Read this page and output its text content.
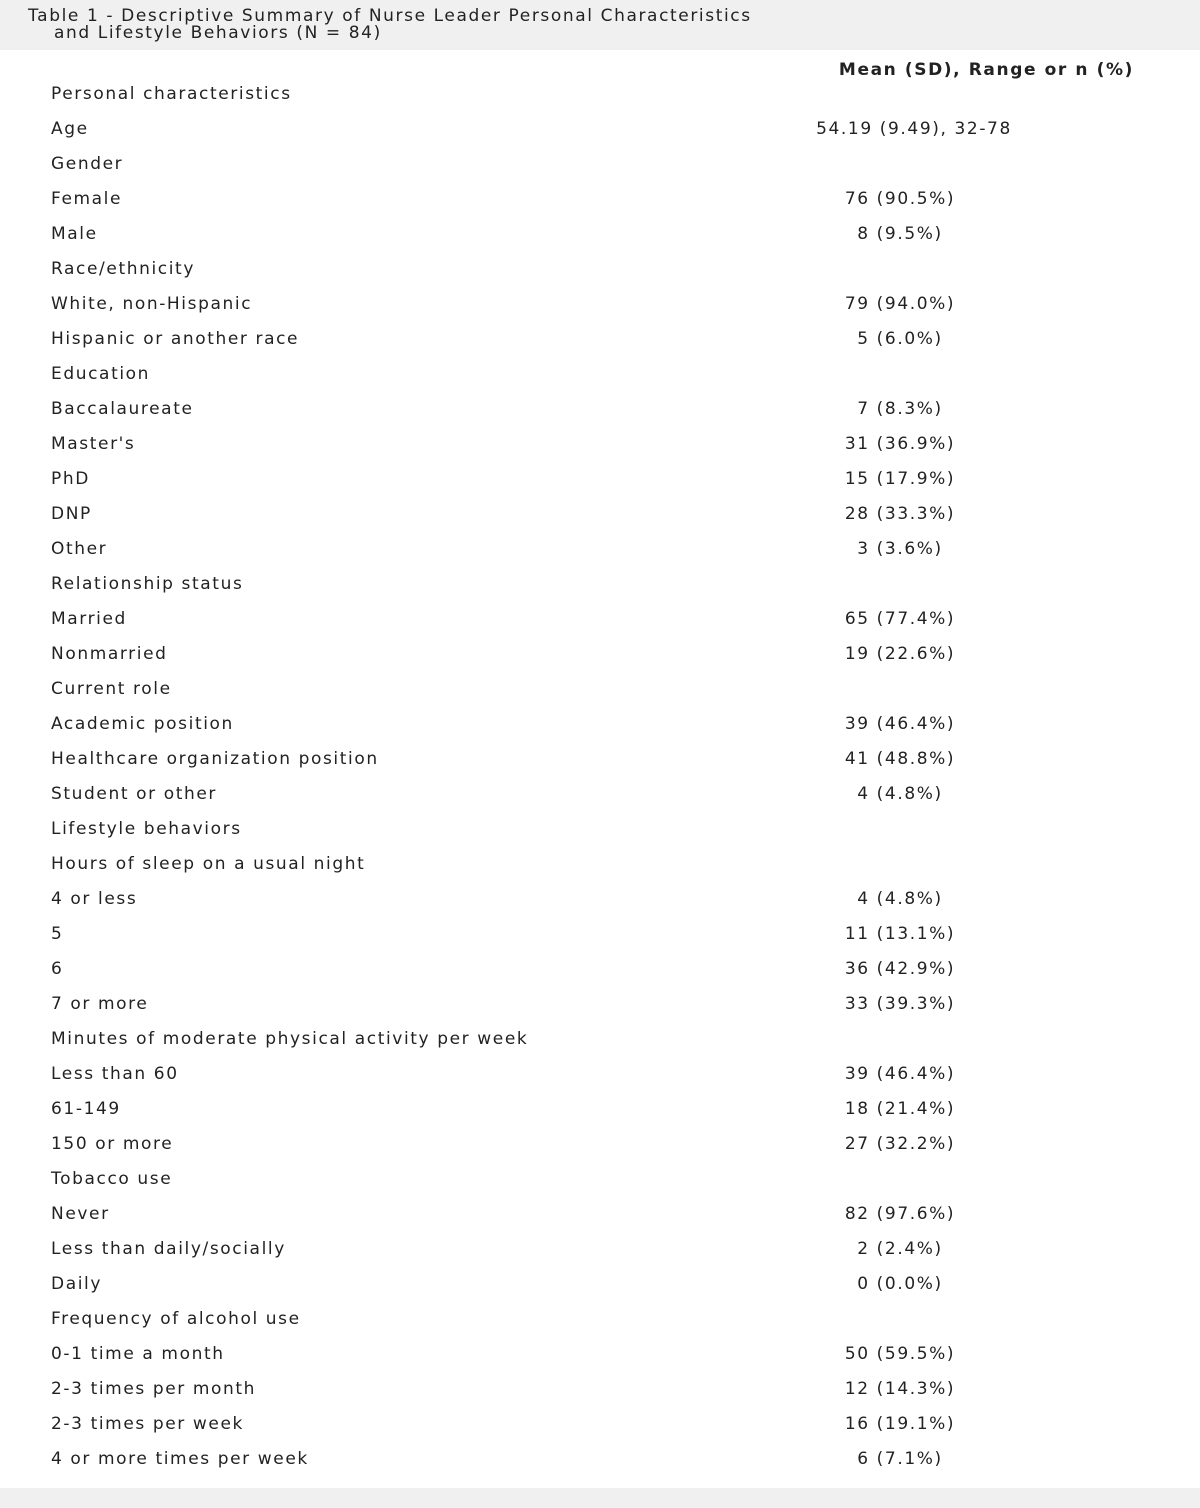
Table 1 - Descriptive Summary of Nurse Leader Personal Characteristics

and Lifestyle Behaviors (N = 84)
Mean (SD), Range or n (%)
Personal characteristics
Age	54.19 (9.49), 32-78
Gender
Female	76 (90.5%)
Male	8 (9.5%)
Race/ethnicity
White, non-Hispanic	79 (94.0%)
Hispanic or another race	5 (6.0%)
Education
Baccalaureate	7 (8.3%)
Master's	31 (36.9%)
PhD	15 (17.9%)
DNP	28 (33.3%)
Other	3 (3.6%)
Relationship status
Married	65 (77.4%)
Nonmarried	19 (22.6%)
Current role
Academic position	39 (46.4%)
Healthcare organization position	41 (48.8%)
Student or other	4 (4.8%)
Lifestyle behaviors
Hours of sleep on a usual night
4 or less	4 (4.8%)
5	11 (13.1%)
6	36 (42.9%)
7 or more	33 (39.3%)
Minutes of moderate physical activity per week
Less than 60	39 (46.4%)
61-149	18 (21.4%)
150 or more	27 (32.2%)
Tobacco use
Never	82 (97.6%)
Less than daily/socially	2 (2.4%)
Daily	0 (0.0%)
Frequency of alcohol use
0-1 time a month	50 (59.5%)
2-3 times per month	12 (14.3%)
2-3 times per week	16 (19.1%)
4 or more times per week	6 (7.1%)
